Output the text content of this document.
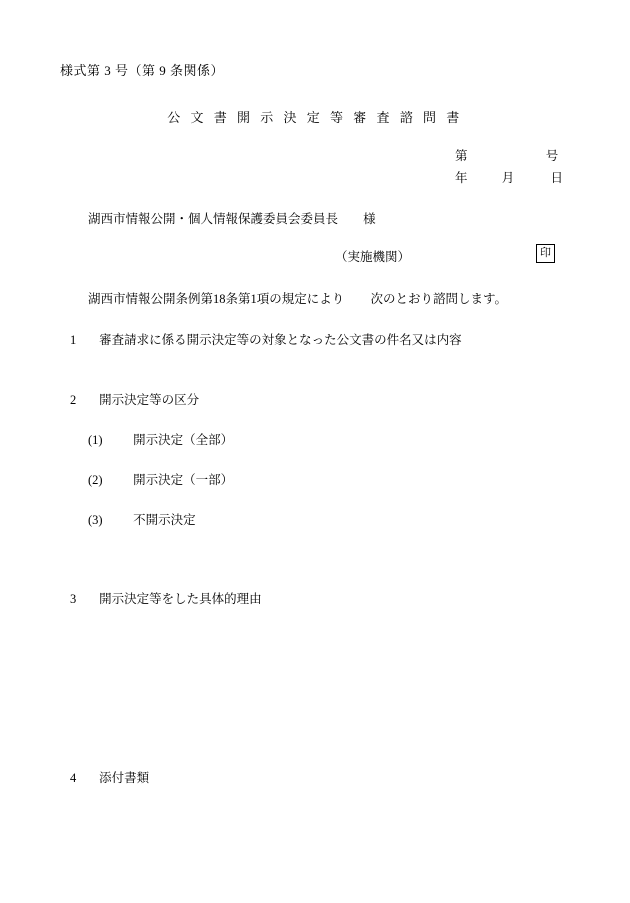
様式第 3 号（第 9 条関係）
公 文 書 開 示 決 定 等 審 査 諮 問 書
第	号
年	月	日
湖西市情報公開・個人情報保護委員会委員長 様
（実施機関）	印
湖西市情報公開条例第18条第1項の規定により 次のとおり諮問します。
1 審査請求に係る開示決定等の対象となった公文書の件名又は内容
2 開示決定等の区分
(1) 開示決定（全部）
(2) 開示決定（一部）
(3) 不開示決定
3 開示決定等をした具体的理由
4 添付書類
